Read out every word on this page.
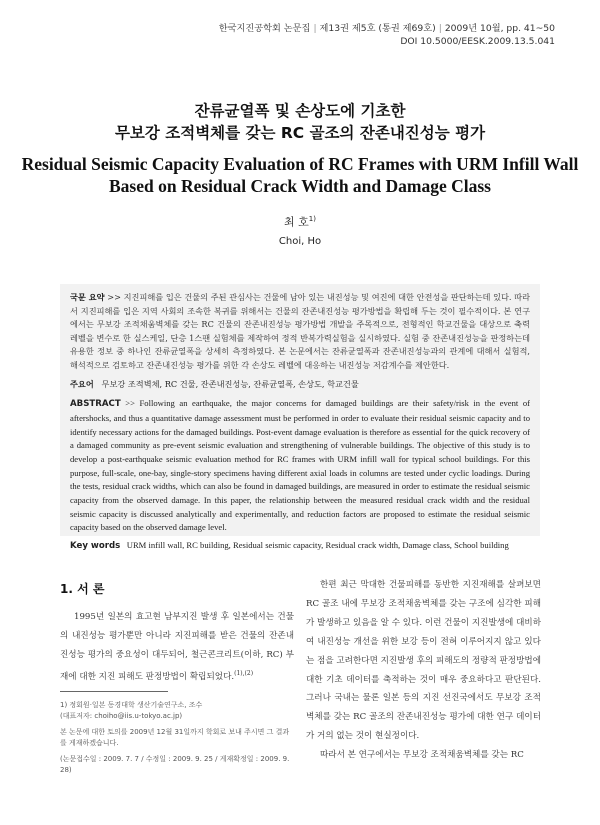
한국지진공학회 논문집 | 제13권 제5호 (통권 제69호) | 2009년 10월, pp. 41~50
DOI 10.5000/EESK.2009.13.5.041
잔류균열폭 및 손상도에 기초한
무보강 조적벽체를 갖는 RC 골조의 잔존내진성능 평가
Residual Seismic Capacity Evaluation of RC Frames with URM Infill Wall
Based on Residual Crack Width and Damage Class
최 호$^{1)}$
Choi, Ho

국문 요약 >> 지진피해를 입은 건물의 주된 관심사는 건물에 남아 있는 내진성능 및 여진에 대한 안전성을 판단하는데 있다. 따라서 지진피해를 입은 지역 사회의 조속한 복귀를 위해서는 건물의 잔존내진성능 평가방법을 확립해 두는 것이 필수적이다. 본 연구에서는 무보강 조적채움벽체를 갖는 RC 건물의 잔존내진성능 평가방법 개발을 주목적으로, 전형적인 학교건물을 대상으로 축력레벨을 변수로 한 실스케일, 단층 1스팬 실험체를 제작하여 정적 반복가력실험을 실시하였다. 실험 중 잔존내진성능을 판정하는데 유용한 정보 중 하나인 잔류균열폭을 상세히 측정하였다. 본 논문에서는 잔류균열폭과 잔존내진성능과의 관계에 대해서 실험적, 해석적으로 검토하고 잔존내진성능 평가를 위한 각 손상도 레벨에 대응하는 내진성능 저감계수를 제안한다.

주요어 무보강 조적벽체, RC 건물, 잔존내진성능, 잔류균열폭, 손상도, 학교건물

ABSTRACT >> Following an earthquake, the major concerns for damaged buildings are their safety/risk in the event of aftershocks, and thus a quantitative damage assessment must be performed in order to evaluate their residual seismic capacity and to identify necessary actions for the damaged buildings. Post-event damage evaluation is therefore as essential for the quick recovery of a damaged community as pre-event seismic evaluation and strengthening of vulnerable buildings. The objective of this study is to develop a post-earthquake seismic evaluation method for RC frames with URM infill wall for typical school buildings. For this purpose, full-scale, one-bay, single-story specimens having different axial loads in columns are tested under cyclic loadings. During the tests, residual crack widths, which can also be found in damaged buildings, are measured in order to estimate the residual seismic capacity from the observed damage. In this paper, the relationship between the measured residual crack width and the residual seismic capacity is discussed analytically and experimentally, and reduction factors are proposed to estimate the residual seismic capacity based on the observed damage level.

Key words URM infill wall, RC building, Residual seismic capacity, Residual crack width, Damage class, School building
1. 서 론

1995년 일본의 효고현 남부지진 발생 후 일본에서는 건물의 내진성능 평가뿐만 아니라 지진피해를 받은 건물의 잔존내진성능 평가의 중요성이 대두되어, 철근콘크리트(이하, RC) 부재에 대한 지진 피해도 판정방법이 확립되었다.$^{(1),(2)}$

한편 최근 막대한 건물피해를 동반한 지진재해를 살펴보면 RC 골조 내에 무보강 조적채움벽체를 갖는 구조에 심각한 피해가 발생하고 있음을 알 수 있다. 이런 건물이 지진발생에 대비하여 내진성능 개선을 위한 보강 등이 전혀 이루어지지 않고 있다는 점을 고려한다면 지진발생 후의 피해도의 정량적 판정방법에 대한 기초 데이터를 축적하는 것이 매우 중요하다고 판단된다. 그러나 국내는 물론 일본 등의 지진 선진국에서도 무보강 조적벽체를 갖는 RC 골조의 잔존내진성능 평가에 대한 연구 데이터가 거의 없는 것이 현실정이다.

따라서 본 연구에서는 무보강 조적채움벽체를 갖는 RC

1) 정회원·일본 동경대학 생산기술연구소, 조수
(대표저자: choiho@iis.u-tokyo.ac.jp)
본 논문에 대한 토의를 2009년 12월 31일까지 학회로 보내 주시면 그 결과를 게재하겠습니다.
(논문접수일 : 2009. 7. 7 / 수정일 : 2009. 9. 25 / 게재확정일 : 2009. 9. 28)
